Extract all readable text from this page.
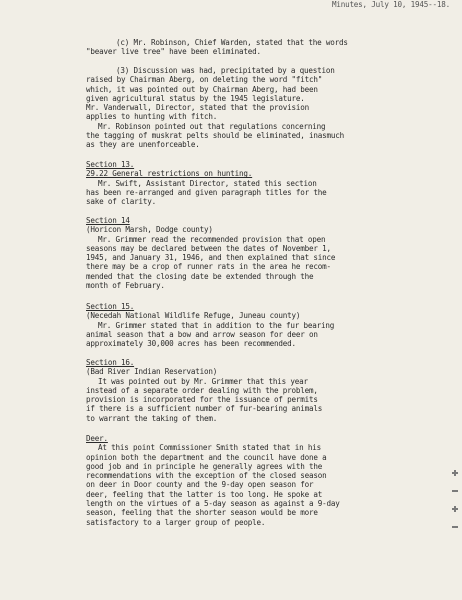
Minutes, July 10, 1945--18.
(c) Mr. Robinson, Chief Warden, stated that the words
"beaver live tree" have been eliminated.
(3) Discussion was had, precipitated by a question
raised by Chairman Aberg, on deleting the word "fitch"
which, it was pointed out by Chairman Aberg, had been
given agricultural status by the 1945 legislature.
Mr. Vanderwall, Director, stated that the provision
applies to hunting with fitch.
Mr. Robinson pointed out that regulations concerning
the tagging of muskrat pelts should be eliminated, inasmuch
as they are unenforceable.
Section 13.
29.22 General restrictions on hunting.
Mr. Swift, Assistant Director, stated this section
has been re-arranged and given paragraph titles for the
sake of clarity.
Section 14
(Horicon Marsh, Dodge county)
Mr. Grimmer read the recommended provision that open
seasons may be declared between the dates of November 1,
1945, and January 31, 1946, and then explained that since
there may be a crop of runner rats in the area he recom-
mended that the closing date be extended through the
month of February.
Section 15.
(Necedah National Wildlife Refuge, Juneau county)
Mr. Grimmer stated that in addition to the fur bearing
animal season that a bow and arrow season for deer on
approximately 30,000 acres has been recommended.
Section 16.
(Bad River Indian Reservation)
It was pointed out by Mr. Grimmer that this year
instead of a separate order dealing with the problem,
provision is incorporated for the issuance of permits
if there is a sufficient number of fur-bearing animals
to warrant the taking of them.
Deer.
At this point Commissioner Smith stated that in his
opinion both the department and the council have done a
good job and in principle he generally agrees with the
recommendations with the exception of the closed season
on deer in Door county and the 9-day open season for
deer, feeling that the latter is too long. He spoke at
length on the virtues of a 5-day season as against a 9-day
season, feeling that the shorter season would be more
satisfactory to a larger group of people.
